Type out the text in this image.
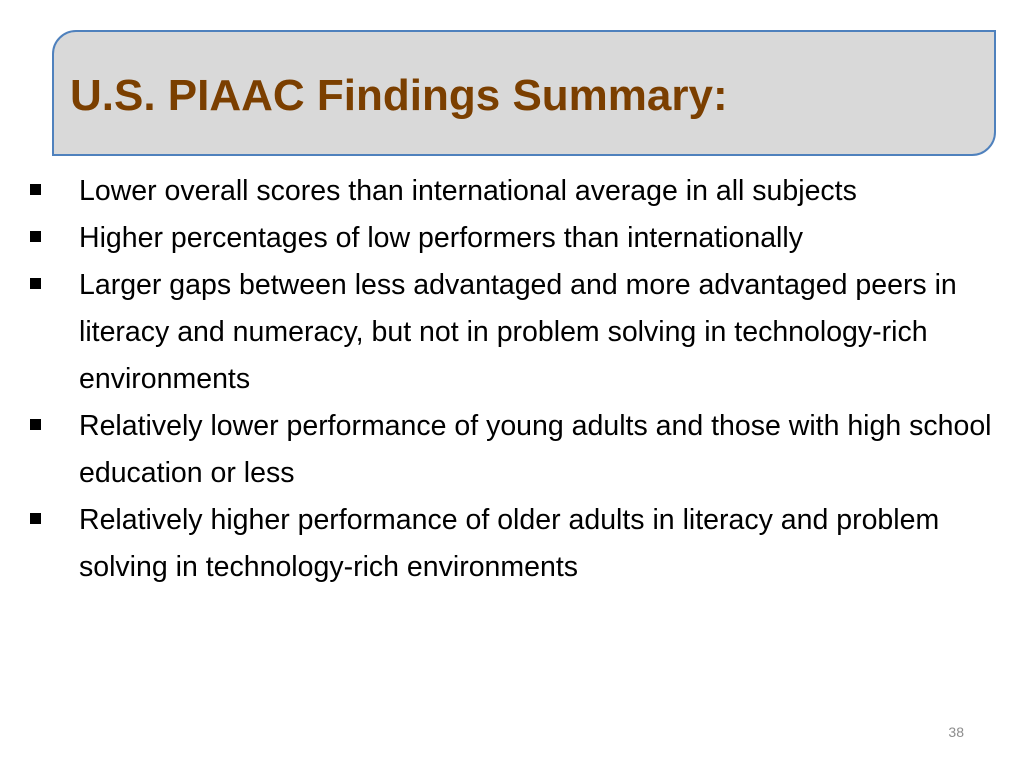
U.S. PIAAC Findings Summary:
Lower overall scores than international average in all subjects
Higher percentages of low performers than internationally
Larger gaps between less advantaged and more advantaged peers in literacy and numeracy, but not in problem solving in technology-rich environments
Relatively lower performance of young adults and those with high school education or less
Relatively higher performance of older adults in literacy and problem solving in technology-rich environments
38
